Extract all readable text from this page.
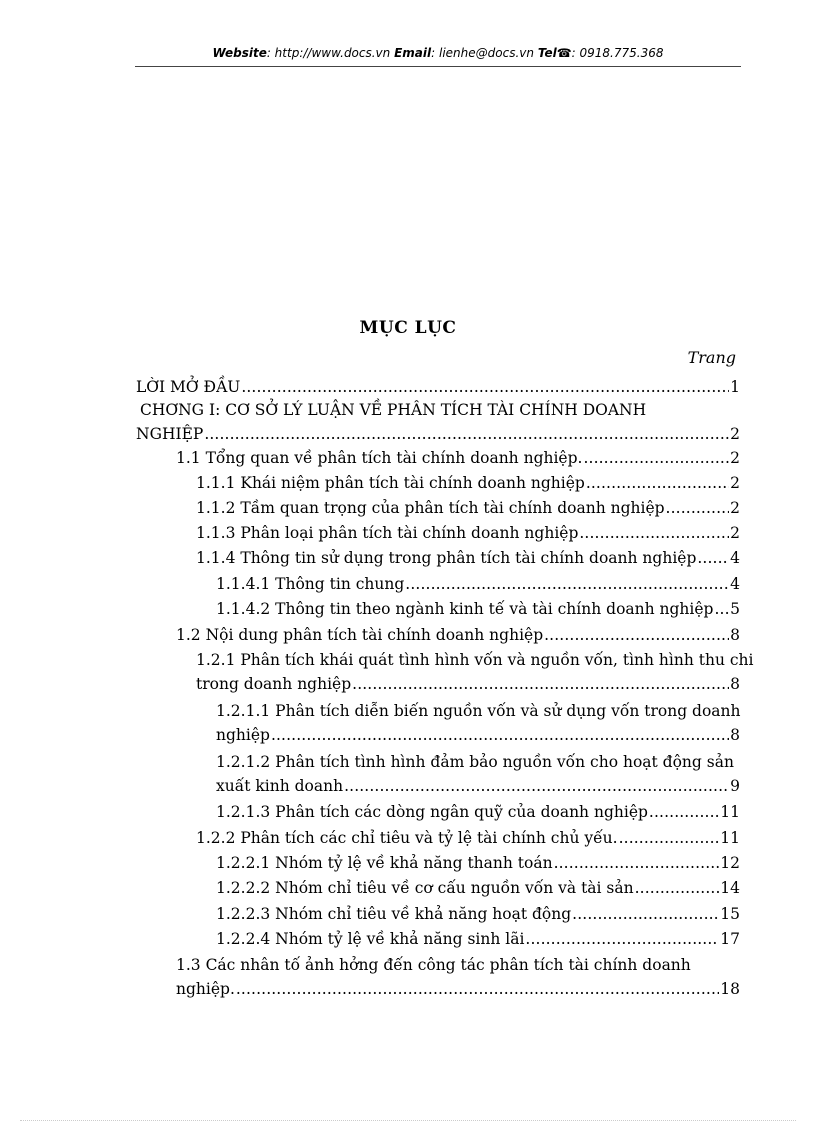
Website: http://www.docs.vn Email: lienhe@docs.vn Tel☎: 0918.775.368
MỤC LỤC
Trang
LỜI MỞ ĐẦU . . .	1
CHƠNG I: CƠ SỞ LÝ LUẬN VỀ PHÂN TÍCH TÀI CHÍNH DOANH
NGHIỆP . . .	2
1.1 Tổng quan về phân tích tài chính doanh nghiệp. . . .	2
1.1.1 Khái niệm phân tích tài chính doanh nghiệp . . .	2
1.1.2 Tầm quan trọng của phân tích tài chính doanh nghiệp . . .	2
1.1.3 Phân loại phân tích tài chính doanh nghiệp . . .	2
1.1.4 Thông tin sử dụng trong phân tích tài chính doanh nghiệp . . . 4
1.1.4.1 Thông tin chung . . .	4
1.1.4.2 Thông tin theo ngành kinh tế và tài chính doanh nghiệp . . . 5
1.2 Nội dung phân tích tài chính doanh nghiệp . . .	8
1.2.1 Phân tích khái quát tình hình vốn và nguồn vốn, tình hình thu chi
trong doanh nghiệp . . .	8
1.2.1.1 Phân tích diễn biến nguồn vốn và sử dụng vốn trong doanh
nghiệp . . .	8
1.2.1.2 Phân tích tình hình đảm bảo nguồn vốn cho hoạt động sản
xuất kinh doanh . . .	9
1.2.1.3 Phân tích các dòng ngân quỹ của doanh nghiệp . . .	11
1.2.2 Phân tích các chỉ tiêu và tỷ lệ tài chính chủ yếu. . . .	11
1.2.2.1 Nhóm tỷ lệ về khả năng thanh toán . . .	12
1.2.2.2 Nhóm chỉ tiêu về cơ cấu nguồn vốn và tài sản . . .	14
1.2.2.3 Nhóm chỉ tiêu về khả năng hoạt động . . .	15
1.2.2.4 Nhóm tỷ lệ về khả năng sinh lãi . . .	17
1.3 Các nhân tố ảnh hởng đến công tác phân tích tài chính doanh
nghiệp. . . .	18
